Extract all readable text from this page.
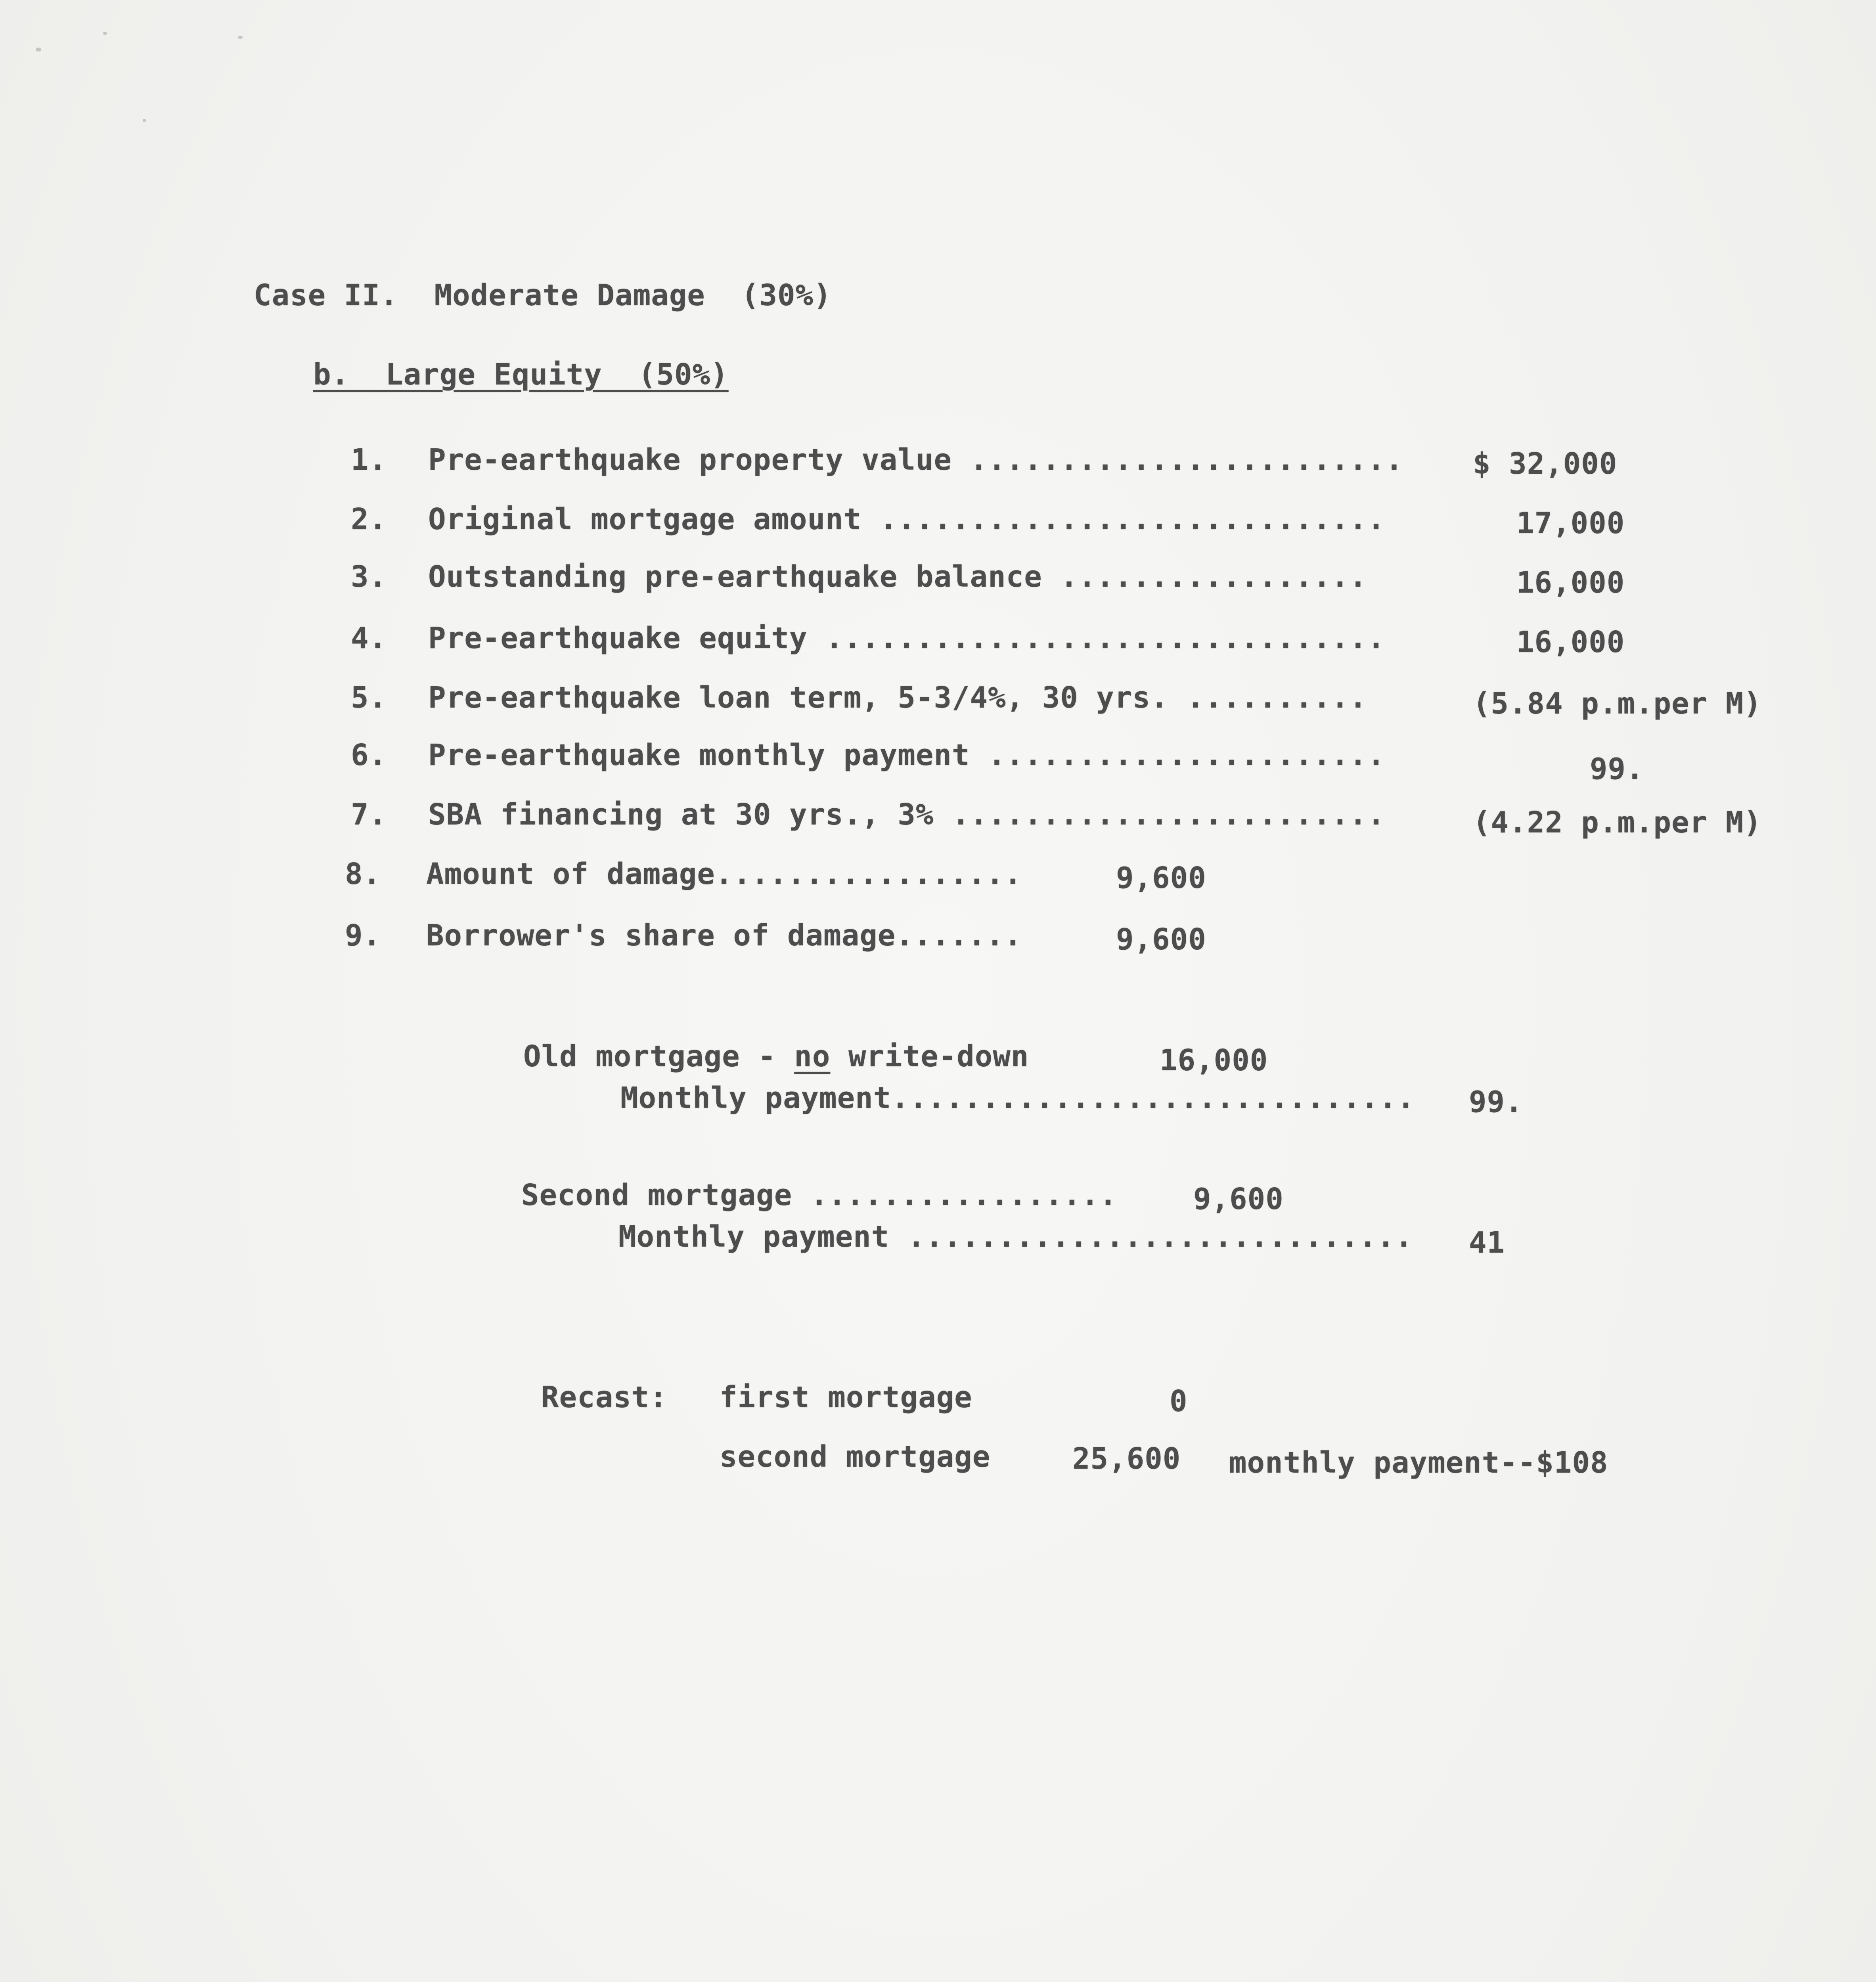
Case II.  Moderate Damage  (30%)
b.  Large Equity  (50%)
1. Pre-earthquake property value ........................ $ 32,000
2. Original mortgage amount ............................	17,000
3. Outstanding pre-earthquake balance .................	16,000
4. Pre-earthquake equity ...............................	16,000
5. Pre-earthquake loan term, 5-3/4%, 30 yrs. ..........	(5.84 p.m.per M)
6. Pre-earthquake monthly payment ......................	99.
7. SBA financing at 30 yrs., 3% ........................	(4.22 p.m.per M)
8. Amount of damage.................	9,600
9. Borrower's share of damage.......	9,600
Old mortgage - no write-down	16,000
Monthly payment............................. 99.
Second mortgage .................	9,600
Monthly payment ............................ 41
Recast: first mortgage	0
second mortgage	25,600 monthly payment--$108
